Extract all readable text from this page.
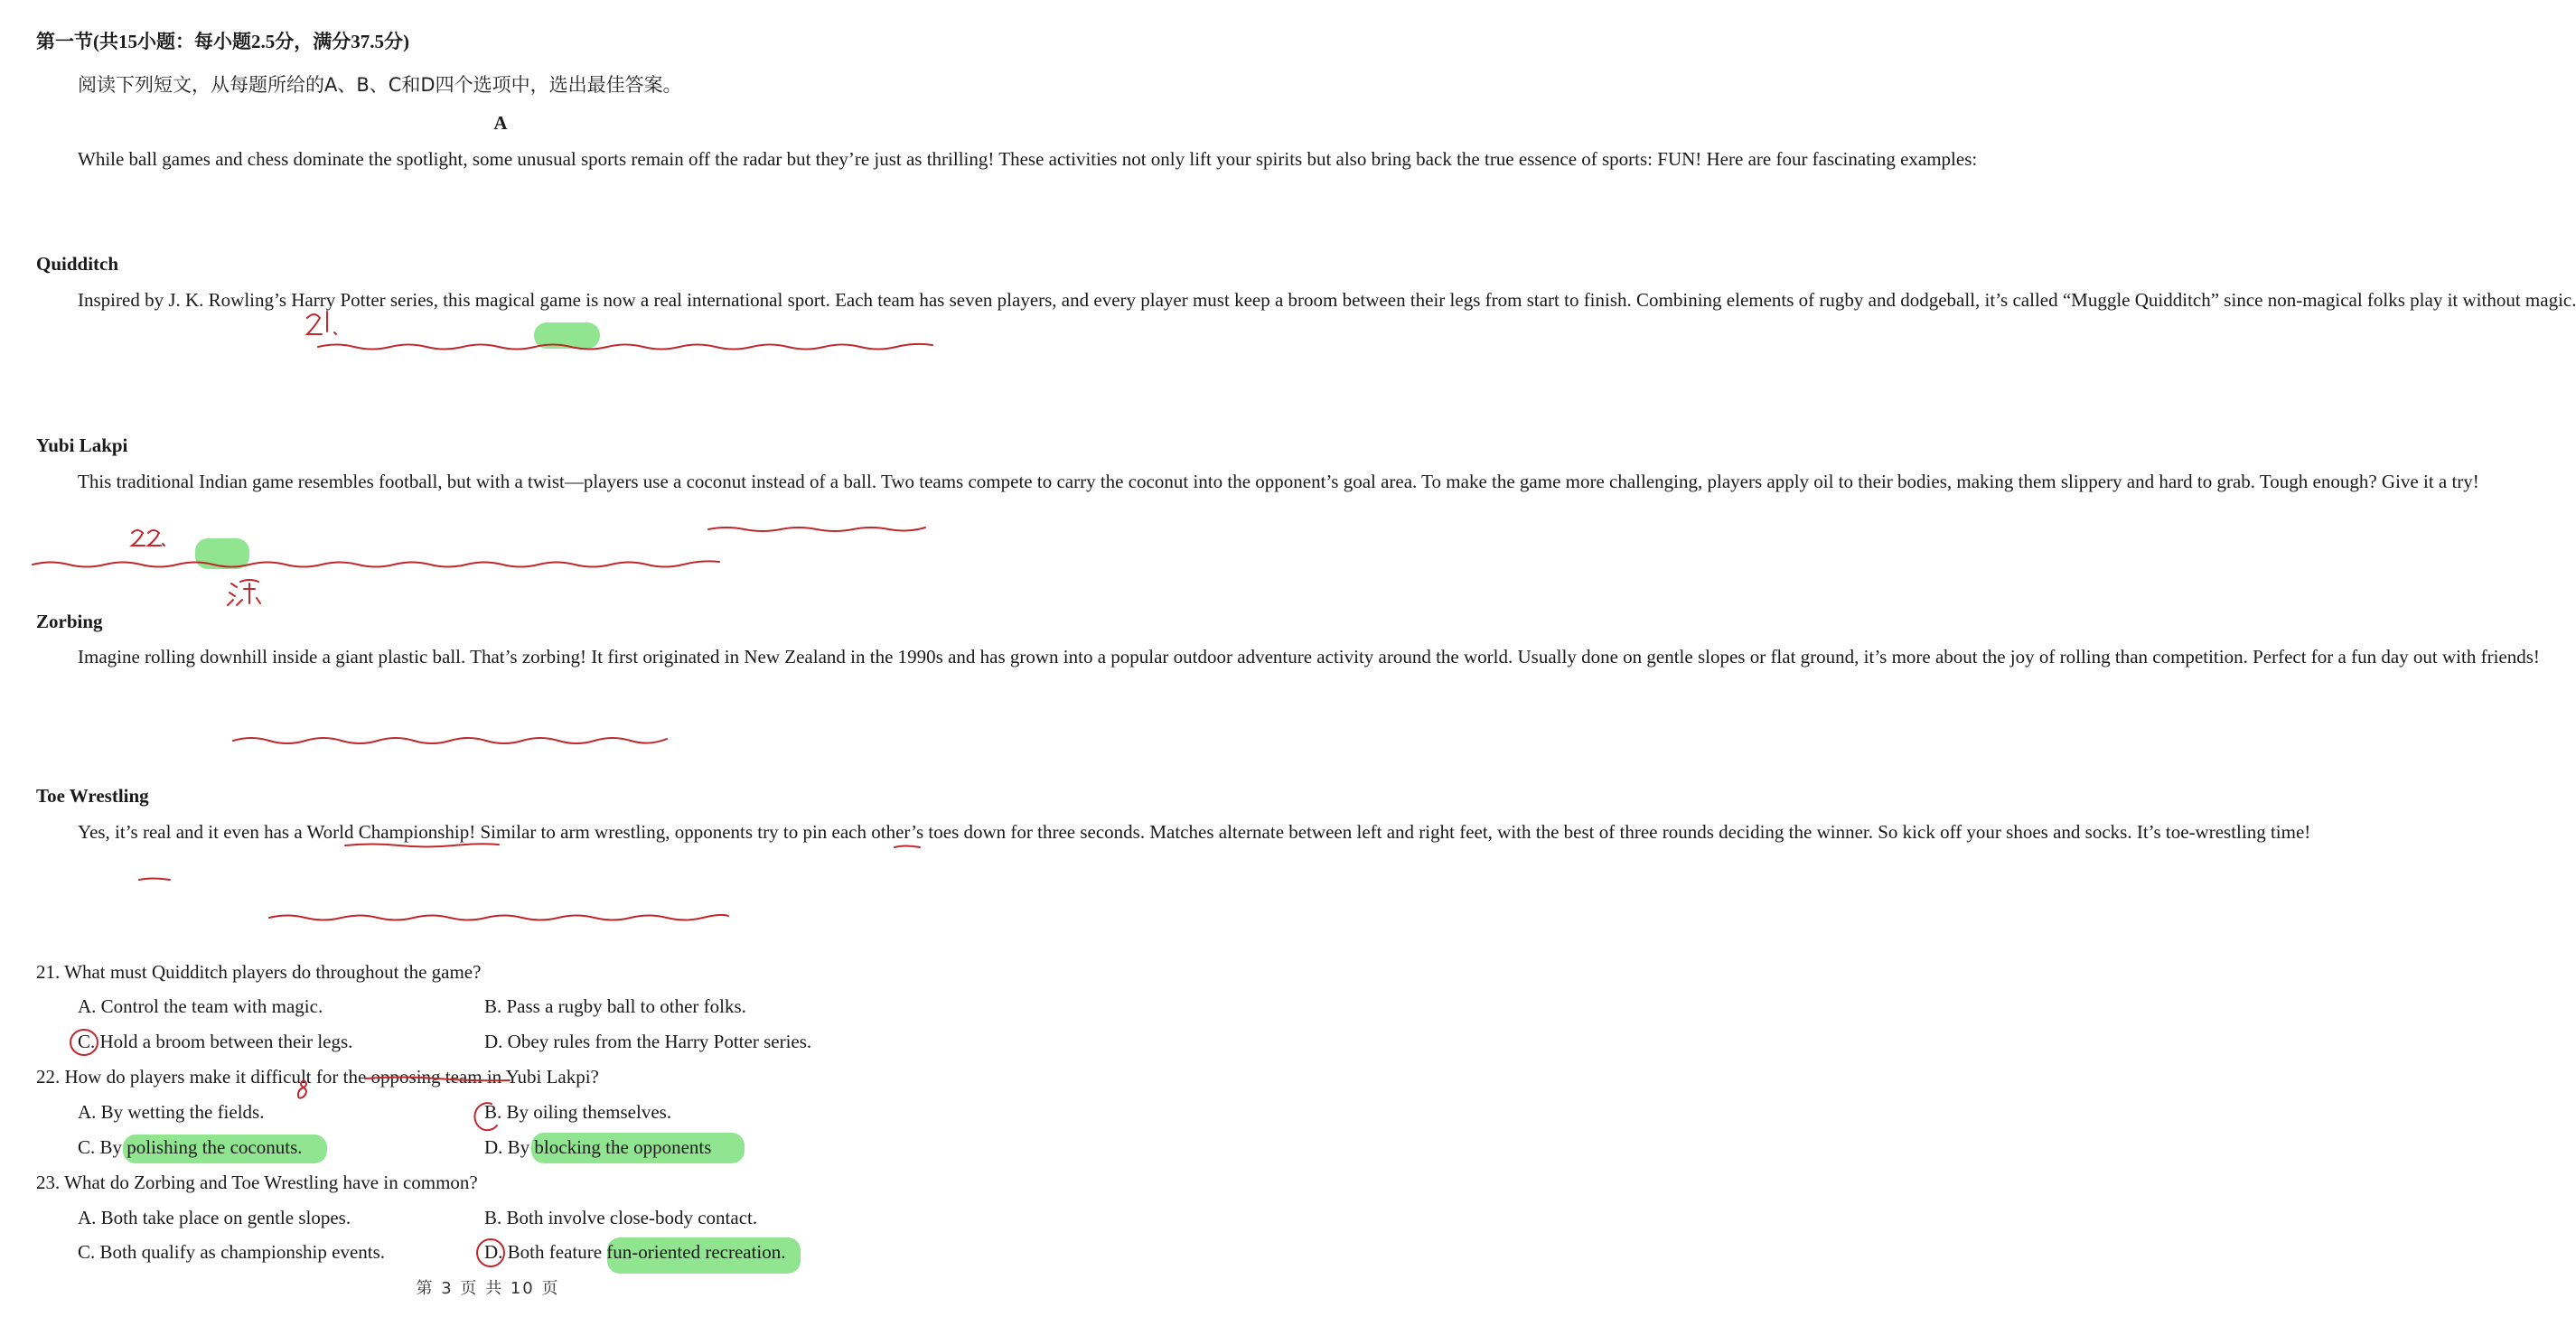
第一节(共15小题：每小题2.5分，满分37.5分)
阅读下列短文，从每题所给的A、B、C和D四个选项中，选出最佳答案。
A

While ball games and chess dominate the spotlight, some unusual sports remain off the radar but they’re just as thrilling! These activities not only lift your spirits but also bring back the true essence of sports: FUN! Here are four fascinating examples:

Quidditch

Inspired by J. K. Rowling’s Harry Potter series, this magical game is now a real international sport. Each team has seven players, and every player must keep a broom between their legs from start to finish. Combining elements of rugby and dodgeball, it’s called “Muggle Quidditch” since non-magical folks play it without magic.

Yubi Lakpi

This traditional Indian game resembles football, but with a twist—players use a coconut instead of a ball. Two teams compete to carry the coconut into the opponent’s goal area. To make the game more challenging, players apply oil to their bodies, making them slippery and hard to grab. Tough enough? Give it a try!

Zorbing

Imagine rolling downhill inside a giant plastic ball. That’s zorbing! It first originated in New Zealand in the 1990s and has grown into a popular outdoor adventure activity around the world. Usually done on gentle slopes or flat ground, it’s more about the joy of rolling than competition. Perfect for a fun day out with friends!

Toe Wrestling

Yes, it’s real and it even has a World Championship! Similar to arm wrestling, opponents try to pin each other’s toes down for three seconds. Matches alternate between left and right feet, with the best of three rounds deciding the winner. So kick off your shoes and socks. It’s toe-wrestling time!

21. What must Quidditch players do throughout the game?
A. Control the team with magic.	B. Pass a rugby ball to other folks.
C. Hold a broom between their legs.	D. Obey rules from the Harry Potter series.
22. How do players make it difficult for the opposing team in Yubi Lakpi?
A. By wetting the fields.	B. By oiling themselves.
C. By polishing the coconuts.	D. By blocking the opponents
23. What do Zorbing and Toe Wrestling have in common?
A. Both take place on gentle slopes.	B. Both involve close-body contact.
C. Both qualify as championship events.	D. Both feature fun-oriented recreation.
第 3 页 共 10 页
